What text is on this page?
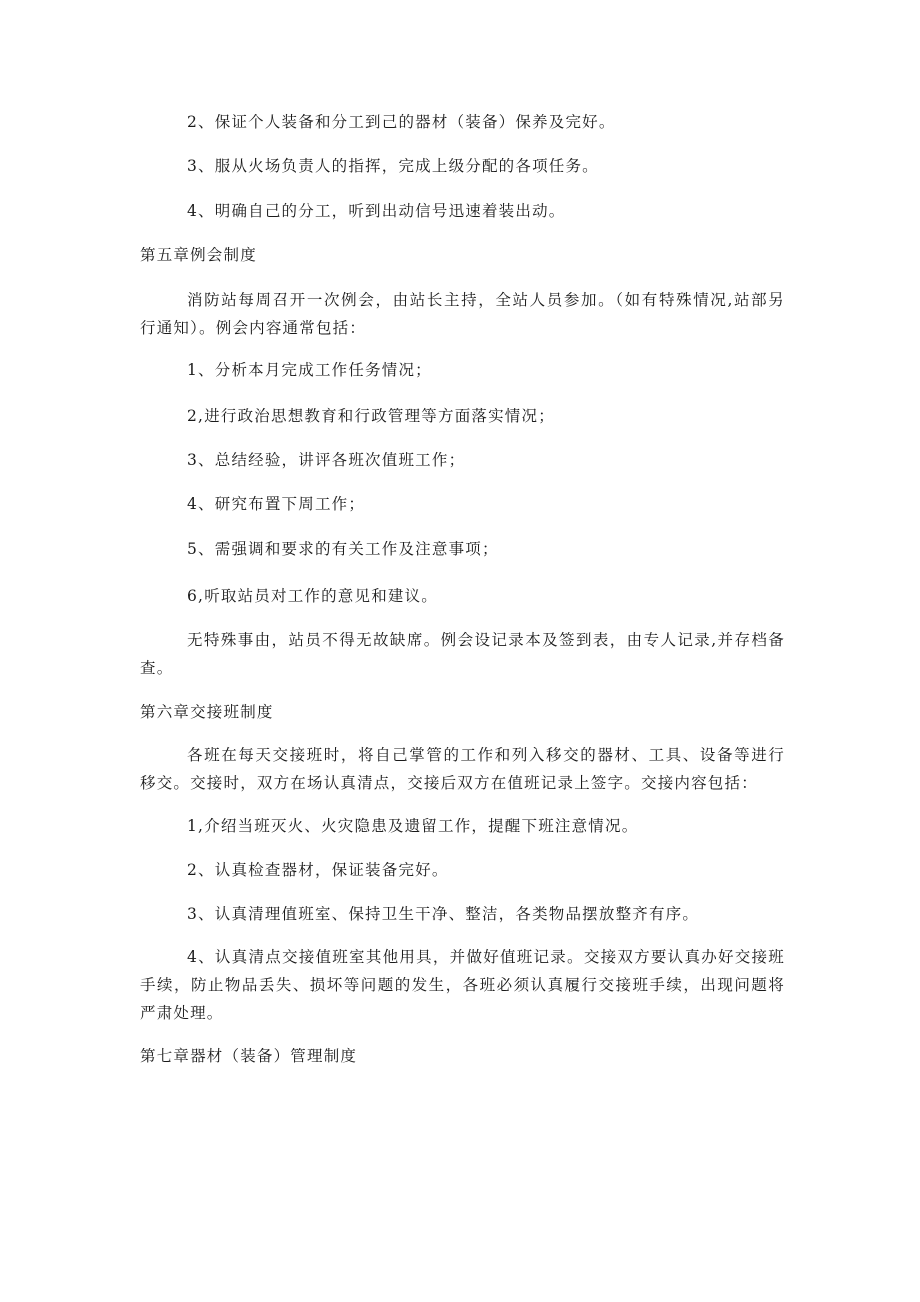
2、保证个人装备和分工到己的器材（装备）保养及完好。

3、服从火场负责人的指挥，完成上级分配的各项任务。

4、明确自己的分工，听到出动信号迅速着装出动。

第五章例会制度

消防站每周召开一次例会，由站长主持，全站人员参加。（如有特殊情况,站部另行通知）。例会内容通常包括：

1、分析本月完成工作任务情况；

2,进行政治思想教育和行政管理等方面落实情况；

3、总结经验，讲评各班次值班工作；

4、研究布置下周工作；

5、需强调和要求的有关工作及注意事项；

6,听取站员对工作的意见和建议。

无特殊事由，站员不得无故缺席。例会设记录本及签到表，由专人记录,并存档备查。

第六章交接班制度

各班在每天交接班时，将自己掌管的工作和列入移交的器材、工具、设备等进行移交。交接时，双方在场认真清点，交接后双方在值班记录上签字。交接内容包括：

1,介绍当班灭火、火灾隐患及遗留工作，提醒下班注意情况。

2、认真检查器材，保证装备完好。

3、认真清理值班室、保持卫生干净、整洁，各类物品摆放整齐有序。

4、认真清点交接值班室其他用具，并做好值班记录。交接双方要认真办好交接班手续，防止物品丢失、损坏等问题的发生，各班必须认真履行交接班手续，出现问题将严肃处理。

第七章器材（装备）管理制度
